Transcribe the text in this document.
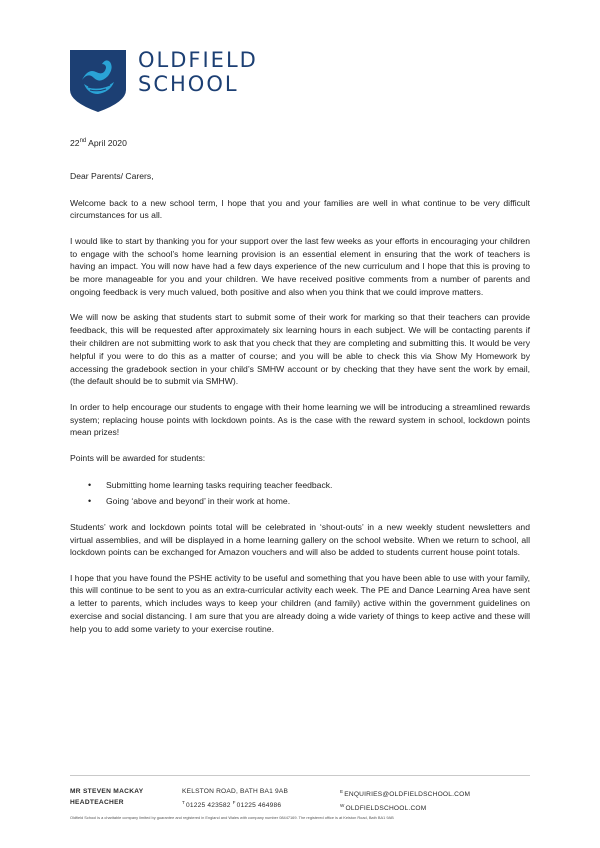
OLDFIELD
SCHOOL

22nd April 2020

Dear Parents/ Carers,

Welcome back to a new school term, I hope that you and your families are well in what continue to be very difficult circumstances for us all.

I would like to start by thanking you for your support over the last few weeks as your efforts in encouraging your children to engage with the school’s home learning provision is an essential element in ensuring that the work of teachers is having an impact. You will now have had a few days experience of the new curriculum and I hope that this is proving to be more manageable for you and your children. We have received positive comments from a number of parents and ongoing feedback is very much valued, both positive and also when you think that we could improve matters.

We will now be asking that students start to submit some of their work for marking so that their teachers can provide feedback, this will be requested after approximately six learning hours in each subject. We will be contacting parents if their children are not submitting work to ask that you check that they are completing and submitting this. It would be very helpful if you were to do this as a matter of course; and you will be able to check this via Show My Homework by accessing the gradebook section in your child’s SMHW account or by checking that they have sent the work by email, (the default should be to submit via SMHW).

In order to help encourage our students to engage with their home learning we will be introducing a streamlined rewards system; replacing house points with lockdown points. As is the case with the reward system in school, lockdown points mean prizes!

Points will be awarded for students:

• Submitting home learning tasks requiring teacher feedback.
• Going ‘above and beyond’ in their work at home.

Students’ work and lockdown points total will be celebrated in ‘shout-outs’ in a new weekly student newsletters and virtual assemblies, and will be displayed in a home learning gallery on the school website. When we return to school, all lockdown points can be exchanged for Amazon vouchers and will also be added to students current house point totals.

I hope that you have found the PSHE activity to be useful and something that you have been able to use with your family, this will continue to be sent to you as an extra-curricular activity each week. The PE and Dance Learning Area have sent a letter to parents, which includes ways to keep your children (and family) active within the government guidelines on exercise and social distancing. I am sure that you are already doing a wide variety of things to keep active and these will help you to add some variety to your exercise routine.

MR STEVEN MACKAY
HEADTEACHER
KELSTON ROAD, BATH BA1 9AB
$^T$01225 423582 $^F$01225 464986
$^E$ENQUIRIES@OLDFIELDSCHOOL.COM
$^W$OLDFIELDSCHOOL.COM
Oldfield School is a charitable company limited by guarantee and registered in England and Wales with company number 08447169. The registered office is at Kelston Road, Bath BA1 9AB
